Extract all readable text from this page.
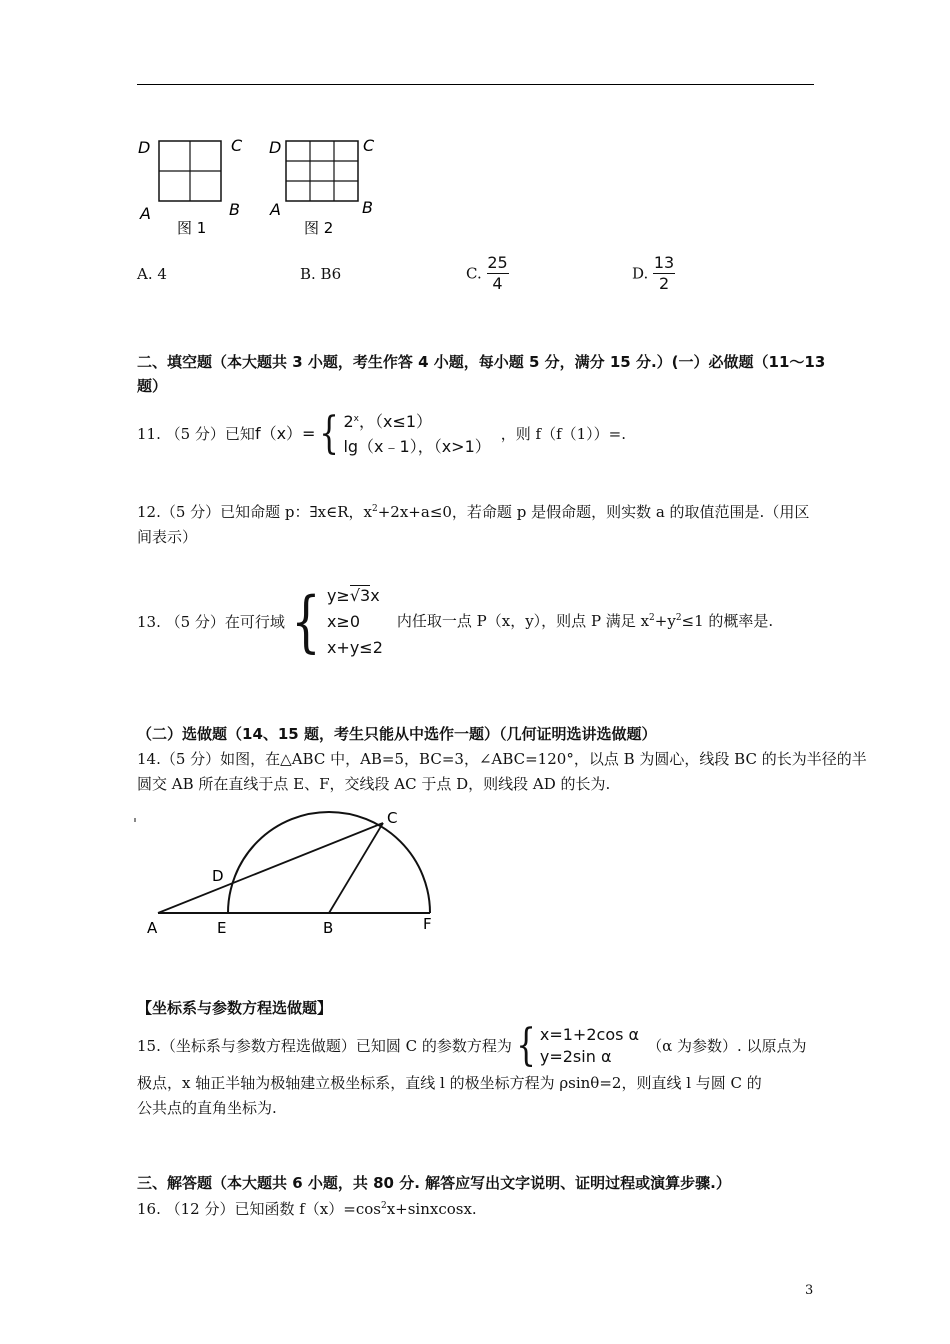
D	C
A	B
图 1
D	C
A	B
图 2
A. 4	B. B6	C. $\frac{25}{4}$	D. $\frac{13}{2}$
二、填空题（本大题共 3 小题，考生作答 4 小题，每小题 5 分，满分 15 分.）(一）必做题（11～13
题）
11. （5 分）已知 f（x）= { 2$^x$，（x≤1）
lg（x﹣1），（x>1）
，则 f（f（1））=.
12.（5 分）已知命题 p：∃x∈R，$x^2+2x+a\le 0$，若命题 p 是假命题，则实数 a 的取值范围是.（用区
间表示）
13. （5 分）在可行域 { y≥√3x
x≥0
x+y≤2
内任取一点 P（x，y），则点 P 满足 $x^2+y^2\le 1$ 的概率是.
（二）选做题（14、15 题，考生只能从中选作一题）（几何证明选讲选做题）
14.（5 分）如图，在△ABC 中，AB=5，BC=3，∠ABC=120°，以点 B 为圆心，线段 BC 的长为半径的半
圆交 AB 所在直线于点 E、F，交线段 AC 于点 D，则线段 AD 的长为.
A	E	B	F
C
D
【坐标系与参数方程选做题】
15.（坐标系与参数方程选做题）已知圆 C 的参数方程为 { x=1+2cos α
y=2sin α
（α 为参数）. 以原点为
极点，x 轴正半轴为极轴建立极坐标系，直线 l 的极坐标方程为 ρsinθ=2，则直线 l 与圆 C 的
公共点的直角坐标为.
三、解答题（本大题共 6 小题，共 80 分. 解答应写出文字说明、证明过程或演算步骤.）
16. （12 分）已知函数 $f(x)=\cos^2x+sinxcosx$.
3
